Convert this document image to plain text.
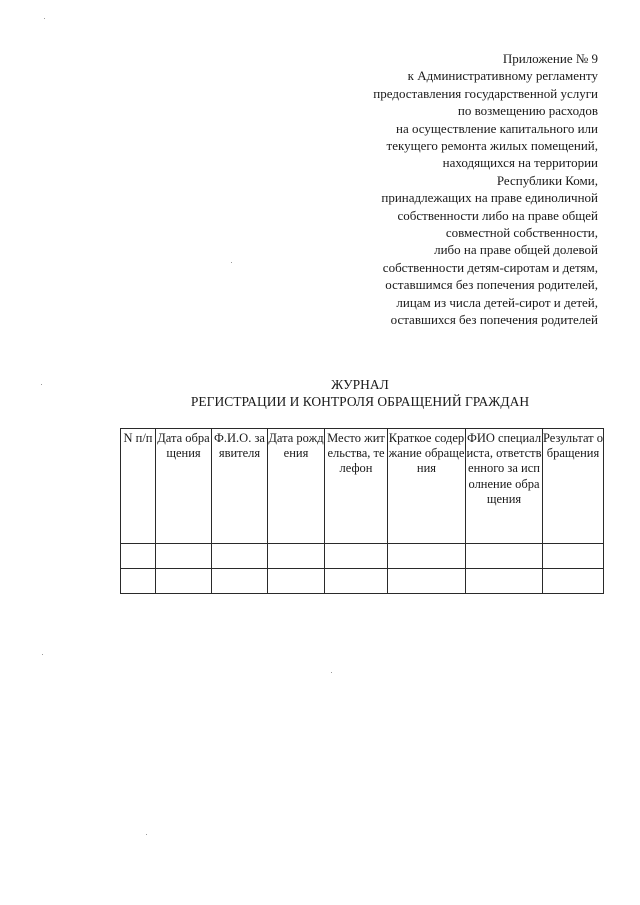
Приложение № 9
к Административному регламенту
предоставления государственной услуги
по возмещению расходов
на осуществление капитального или
текущего ремонта жилых помещений,
находящихся на территории
Республики Коми,
принадлежащих на праве единоличной
собственности либо на праве общей
совместной собственности,
либо на праве общей долевой
собственности детям-сиротам и детям,
оставшимся без попечения родителей,
лицам из числа детей-сирот и детей,
оставшихся без попечения родителей
ЖУРНАЛ
РЕГИСТРАЦИИ И КОНТРОЛЯ ОБРАЩЕНИЙ ГРАЖДАН
N п/п	Дата обращения	Ф.И.О. заявителя	Дата рождения	Место жительства, телефон	Краткое содержание обращения	ФИО специалиста, ответственного за исполнение обращения	Результат обращения
